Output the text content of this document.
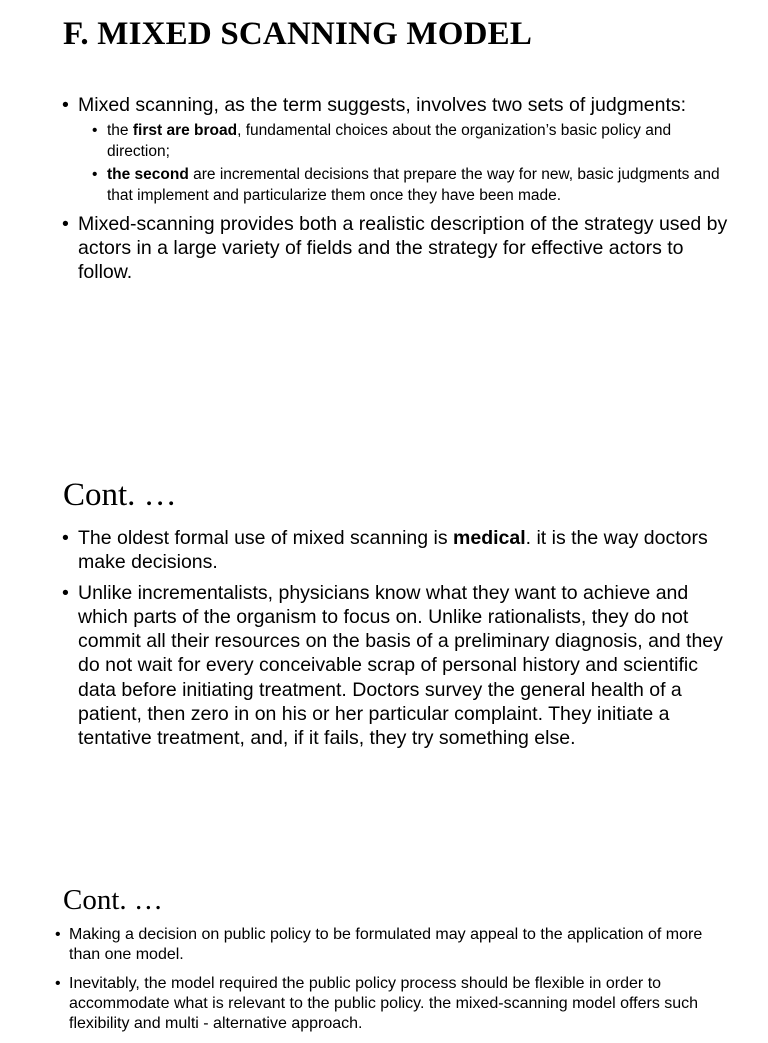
F. MIXED SCANNING MODEL
• Mixed scanning, as the term suggests, involves two sets of judgments:
• the first are broad, fundamental choices about the organization’s basic policy and direction;
• the second are incremental decisions that prepare the way for new, basic judgments and that implement and particularize them once they have been made.
• Mixed-scanning provides both a realistic description of the strategy used by actors in a large variety of fields and the strategy for effective actors to follow.
Cont. …
• The oldest formal use of mixed scanning is medical. it is the way doctors make decisions.
• Unlike incrementalists, physicians know what they want to achieve and which parts of the organism to focus on. Unlike rationalists, they do not commit all their resources on the basis of a preliminary diagnosis, and they do not wait for every conceivable scrap of personal history and scientific data before initiating treatment. Doctors survey the general health of a patient, then zero in on his or her particular complaint. They initiate a tentative treatment, and, if it fails, they try something else.
Cont. …
• Making a decision on public policy to be formulated may appeal to the application of more than one model.
• Inevitably, the model required the public policy process should be flexible in order to accommodate what is relevant to the public policy. the mixed-scanning model offers such flexibility and multi - alternative approach.
